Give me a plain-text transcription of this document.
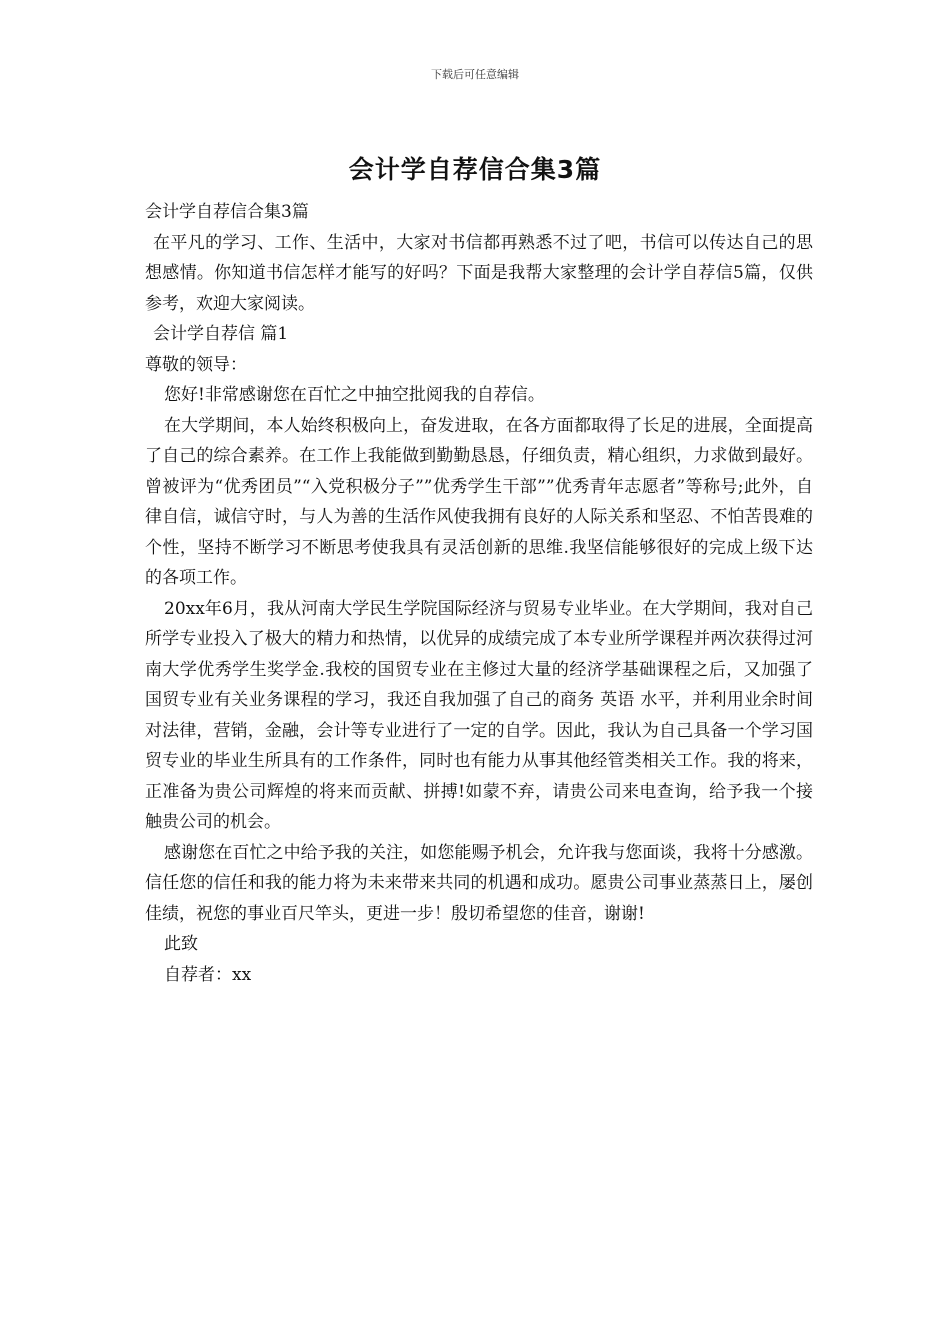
下载后可任意编辑
会计学自荐信合集3篇

会计学自荐信合集3篇

在平凡的学习、工作、生活中，大家对书信都再熟悉不过了吧，书信可以传达自己的思想感情。你知道书信怎样才能写的好吗？下面是我帮大家整理的会计学自荐信5篇，仅供参考，欢迎大家阅读。

会计学自荐信 篇1

尊敬的领导：

您好!非常感谢您在百忙之中抽空批阅我的自荐信。

在大学期间，本人始终积极向上，奋发进取，在各方面都取得了长足的进展，全面提高了自己的综合素养。在工作上我能做到勤勤恳恳，仔细负责，精心组织，力求做到最好。曾被评为“优秀团员”“入党积极分子””优秀学生干部””优秀青年志愿者”等称号;此外，自律自信，诚信守时，与人为善的生活作风使我拥有良好的人际关系和坚忍、不怕苦畏难的个性，坚持不断学习不断思考使我具有灵活创新的思维.我坚信能够很好的完成上级下达的各项工作。

20xx年6月，我从河南大学民生学院国际经济与贸易专业毕业。在大学期间，我对自己所学专业投入了极大的精力和热情，以优异的成绩完成了本专业所学课程并两次获得过河南大学优秀学生奖学金.我校的国贸专业在主修过大量的经济学基础课程之后，又加强了国贸专业有关业务课程的学习，我还自我加强了自己的商务 英语 水平，并利用业余时间对法律，营销，金融，会计等专业进行了一定的自学。因此，我认为自己具备一个学习国贸专业的毕业生所具有的工作条件，同时也有能力从事其他经管类相关工作。我的将来，正准备为贵公司辉煌的将来而贡献、拼搏!如蒙不弃，请贵公司来电查询，给予我一个接触贵公司的机会。

感谢您在百忙之中给予我的关注，如您能赐予机会，允许我与您面谈，我将十分感激。信任您的信任和我的能力将为未来带来共同的机遇和成功。愿贵公司事业蒸蒸日上，屡创佳绩，祝您的事业百尺竿头，更进一步！殷切希望您的佳音，谢谢!

此致

自荐者：xx
